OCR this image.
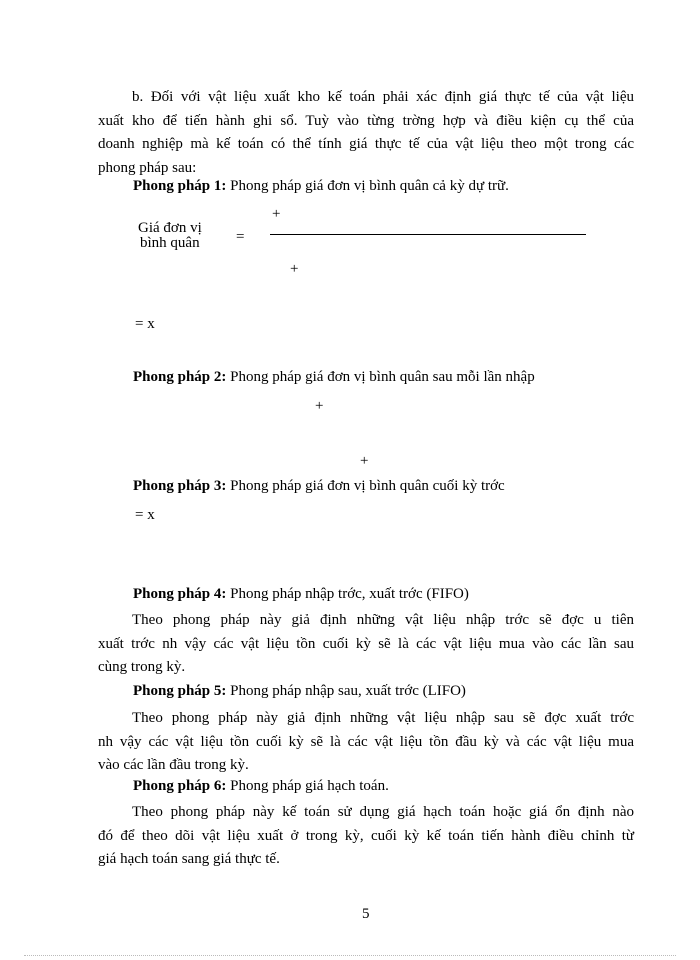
b. Đối với vật liệu xuất kho kế toán phải xác định giá thực tế của vật liệu
xuất kho để tiến hành ghi sổ. Tuỳ vào từng trờng hợp và điều kiện cụ thể của
doanh nghiệp mà kế toán có thể tính giá thực tế của vật liệu theo một trong các
phong pháp sau:
Phong pháp 1: Phong pháp giá đơn vị bình quân cả kỳ dự trữ.
+
Giá đơn vị
bình quân =
+
= x
Phong pháp 2: Phong pháp giá đơn vị bình quân sau mỗi lần nhập
+
+
Phong pháp 3: Phong pháp giá đơn vị bình quân cuối kỳ trớc
= x
Phong pháp 4: Phong pháp nhập trớc, xuất trớc (FIFO)
Theo phong pháp này giả định những vật liệu nhập trớc sẽ đợc u tiên
xuất trớc nh vậy các vật liệu tồn cuối kỳ sẽ là các vật liệu mua vào các lần sau
cùng trong kỳ.
Phong pháp 5: Phong pháp nhập sau, xuất trớc (LIFO)
Theo phong pháp này giả định những vật liệu nhập sau sẽ đợc xuất trớc
nh vậy các vật liệu tồn cuối kỳ sẽ là các vật liệu tồn đầu kỳ và các vật liệu mua
vào các lần đầu trong kỳ.
Phong pháp 6: Phong pháp giá hạch toán.
Theo phong pháp này kế toán sử dụng giá hạch toán hoặc giá ổn định nào
đó để theo dõi vật liệu xuất ở trong kỳ, cuối kỳ kế toán tiến hành điều chỉnh từ
giá hạch toán sang giá thực tế.
5
